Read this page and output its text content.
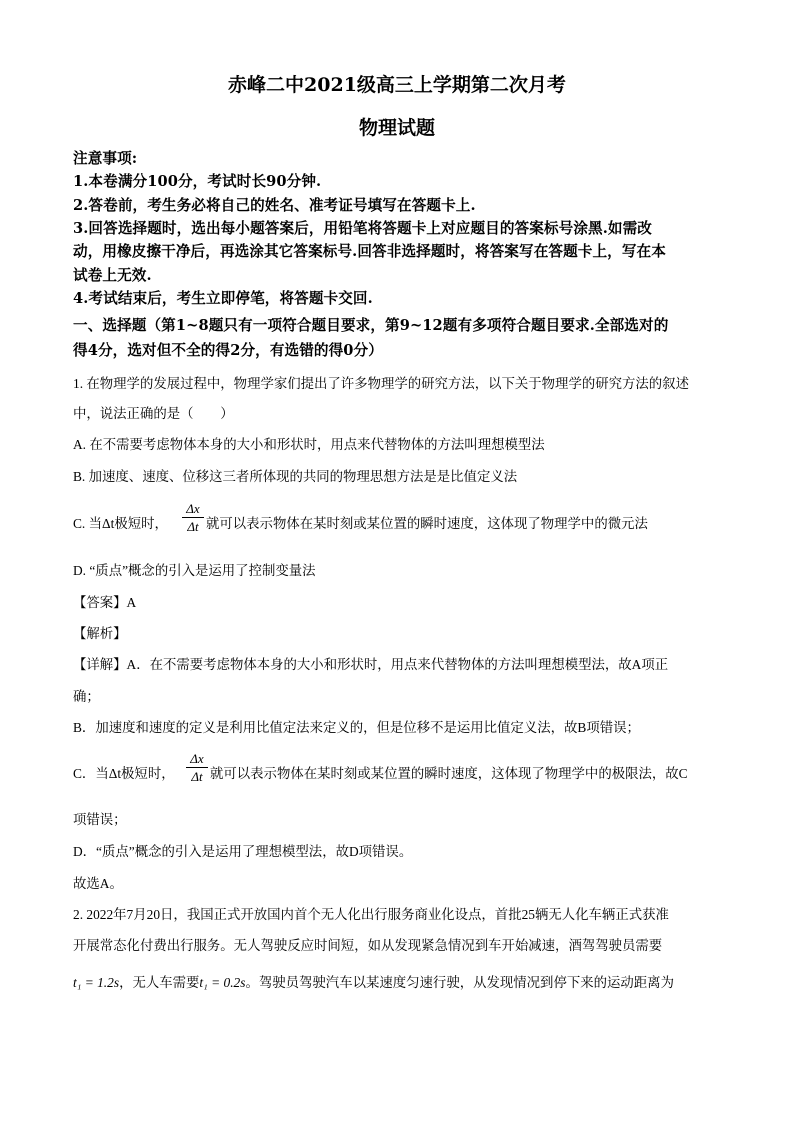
赤峰二中2021级高三上学期第二次月考
物理试题
注意事项:
1.本卷满分100分，考试时长90分钟.
2.答卷前，考生务必将自己的姓名、准考证号填写在答题卡上.
3.回答选择题时，选出每小题答案后，用铅笔将答题卡上对应题目的答案标号涂黑.如需改
动，用橡皮擦干净后，再选涂其它答案标号.回答非选择题时，将答案写在答题卡上，写在本
试卷上无效.
4.考试结束后，考生立即停笔，将答题卡交回.
一、选择题（第1~8题只有一项符合题目要求，第9~12题有多项符合题目要求.全部选对的
得4分，选对但不全的得2分，有选错的得0分）
1. 在物理学的发展过程中，物理学家们提出了许多物理学的研究方法，以下关于物理学的研究方法的叙述
中，说法正确的是（　　）
A. 在不需要考虑物体本身的大小和形状时，用点来代替物体的方法叫理想模型法
B. 加速度、速度、位移这三者所体现的共同的物理思想方法是是比值定义法
C. 当Δt极短时，
Δx
Δt 就可以表示物体在某时刻或某位置的瞬时速度，这体现了物理学中的微元法
D. “质点”概念的引入是运用了控制变量法
【答案】A
【解析】
【详解】A．在不需要考虑物体本身的大小和形状时，用点来代替物体的方法叫理想模型法，故A项正
确；
B．加速度和速度的定义是利用比值定法来定义的，但是位移不是运用比值定义法，故B项错误；
C．当Δt极短时，
Δx
Δt 就可以表示物体在某时刻或某位置的瞬时速度，这体现了物理学中的极限法，故C
项错误；
D．“质点”概念的引入是运用了理想模型法，故D项错误。
故选A。
2. 2022年7月20日，我国正式开放国内首个无人化出行服务商业化设点，首批25辆无人化车辆正式获准
开展常态化付费出行服务。无人驾驶反应时间短，如从发现紧急情况到车开始减速，酒驾驾驶员需要
t₁ = 1.2s，无人车需要t₁ = 0.2s。驾驶员驾驶汽车以某速度匀速行驶，从发现情况到停下来的运动距离为
